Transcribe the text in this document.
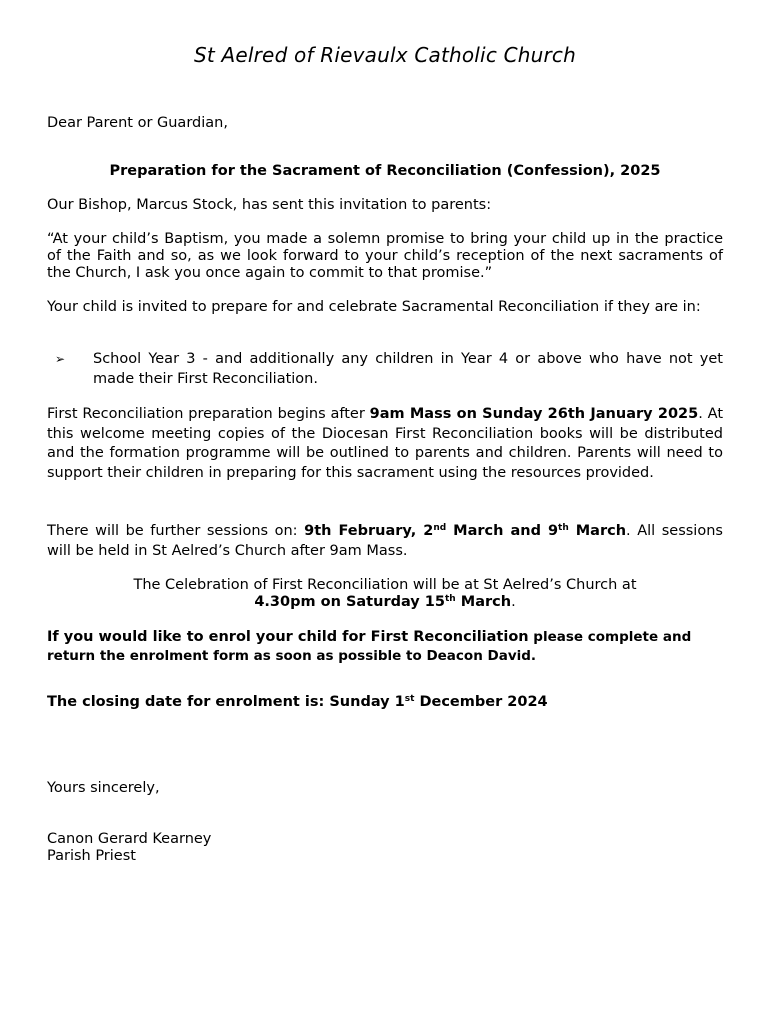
St Aelred of Rievaulx Catholic Church

Dear Parent or Guardian,

Preparation for the Sacrament of Reconciliation (Confession), 2025

Our Bishop, Marcus Stock, has sent this invitation to parents:

“At your child’s Baptism, you made a solemn promise to bring your child up in the practice of the Faith and so, as we look forward to your child’s reception of the next sacraments of the Church, I ask you once again to commit to that promise.”

Your child is invited to prepare for and celebrate Sacramental Reconciliation if they are in:

➢ School Year 3 - and additionally any children in Year 4 or above who have not yet made their First Reconciliation.

First Reconciliation preparation begins after 9am Mass on Sunday 26th January 2025. At this welcome meeting copies of the Diocesan First Reconciliation books will be distributed and the formation programme will be outlined to parents and children. Parents will need to support their children in preparing for this sacrament using the resources provided.

There will be further sessions on: 9th February, 2nd March and 9th March. All sessions will be held in St Aelred’s Church after 9am Mass.

The Celebration of First Reconciliation will be at St Aelred’s Church at
4.30pm on Saturday 15th March.

If you would like to enrol your child for First Reconciliation please complete and return the enrolment form as soon as possible to Deacon David.

The closing date for enrolment is: Sunday 1st December 2024

Yours sincerely,

Canon Gerard Kearney

Parish Priest
